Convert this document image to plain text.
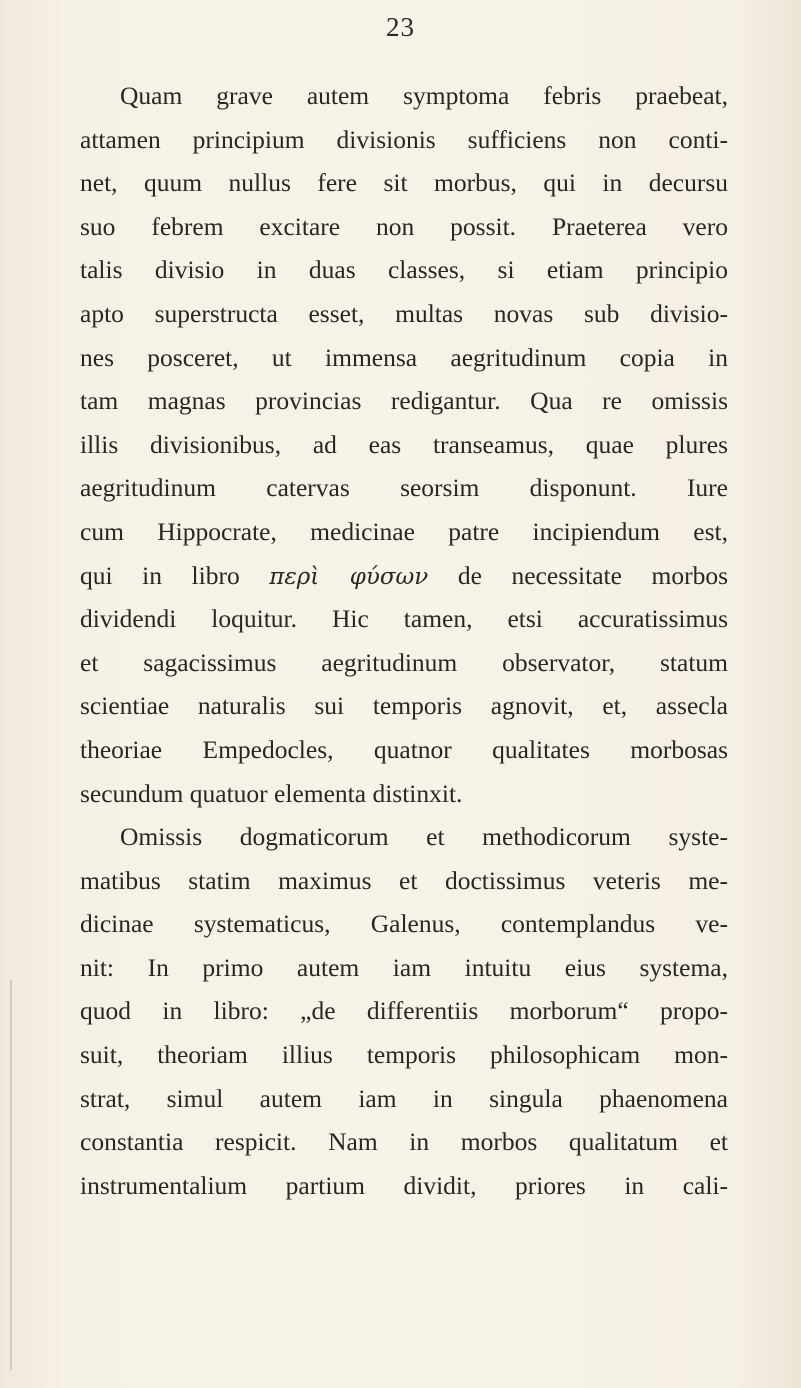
23
Quam grave autem symptoma febris praebeat,
attamen principium divisionis sufficiens non conti-
net, quum nullus fere sit morbus, qui in decursu
suo febrem excitare non possit. Praeterea vero
talis divisio in duas classes, si etiam principio
apto superstructa esset, multas novas sub divisio-
nes posceret, ut immensa aegritudinum copia in
tam magnas provincias redigantur. Qua re omissis
illis divisionibus, ad eas transeamus, quae plures
aegritudinum catervas seorsim disponunt. Iure
cum Hippocrate, medicinae patre incipiendum est,
qui in libro περὶ φύσων de necessitate morbos
dividendi loquitur. Hic tamen, etsi accuratissimus
et sagacissimus aegritudinum observator, statum
scientiae naturalis sui temporis agnovit, et, assecla
theoriae Empedocles, quatnor qualitates morbosas
secundum quatuor elementa distinxit.
Omissis dogmaticorum et methodicorum syste-
matibus statim maximus et doctissimus veteris me-
dicinae systematicus, Galenus, contemplandus ve-
nit: In primo autem iam intuitu eius systema,
quod in libro: „de differentiis morborum“ propo-
suit, theoriam illius temporis philosophicam mon-
strat, simul autem iam in singula phaenomena
constantia respicit. Nam in morbos qualitatum et
instrumentalium partium dividit, priores in cali-
